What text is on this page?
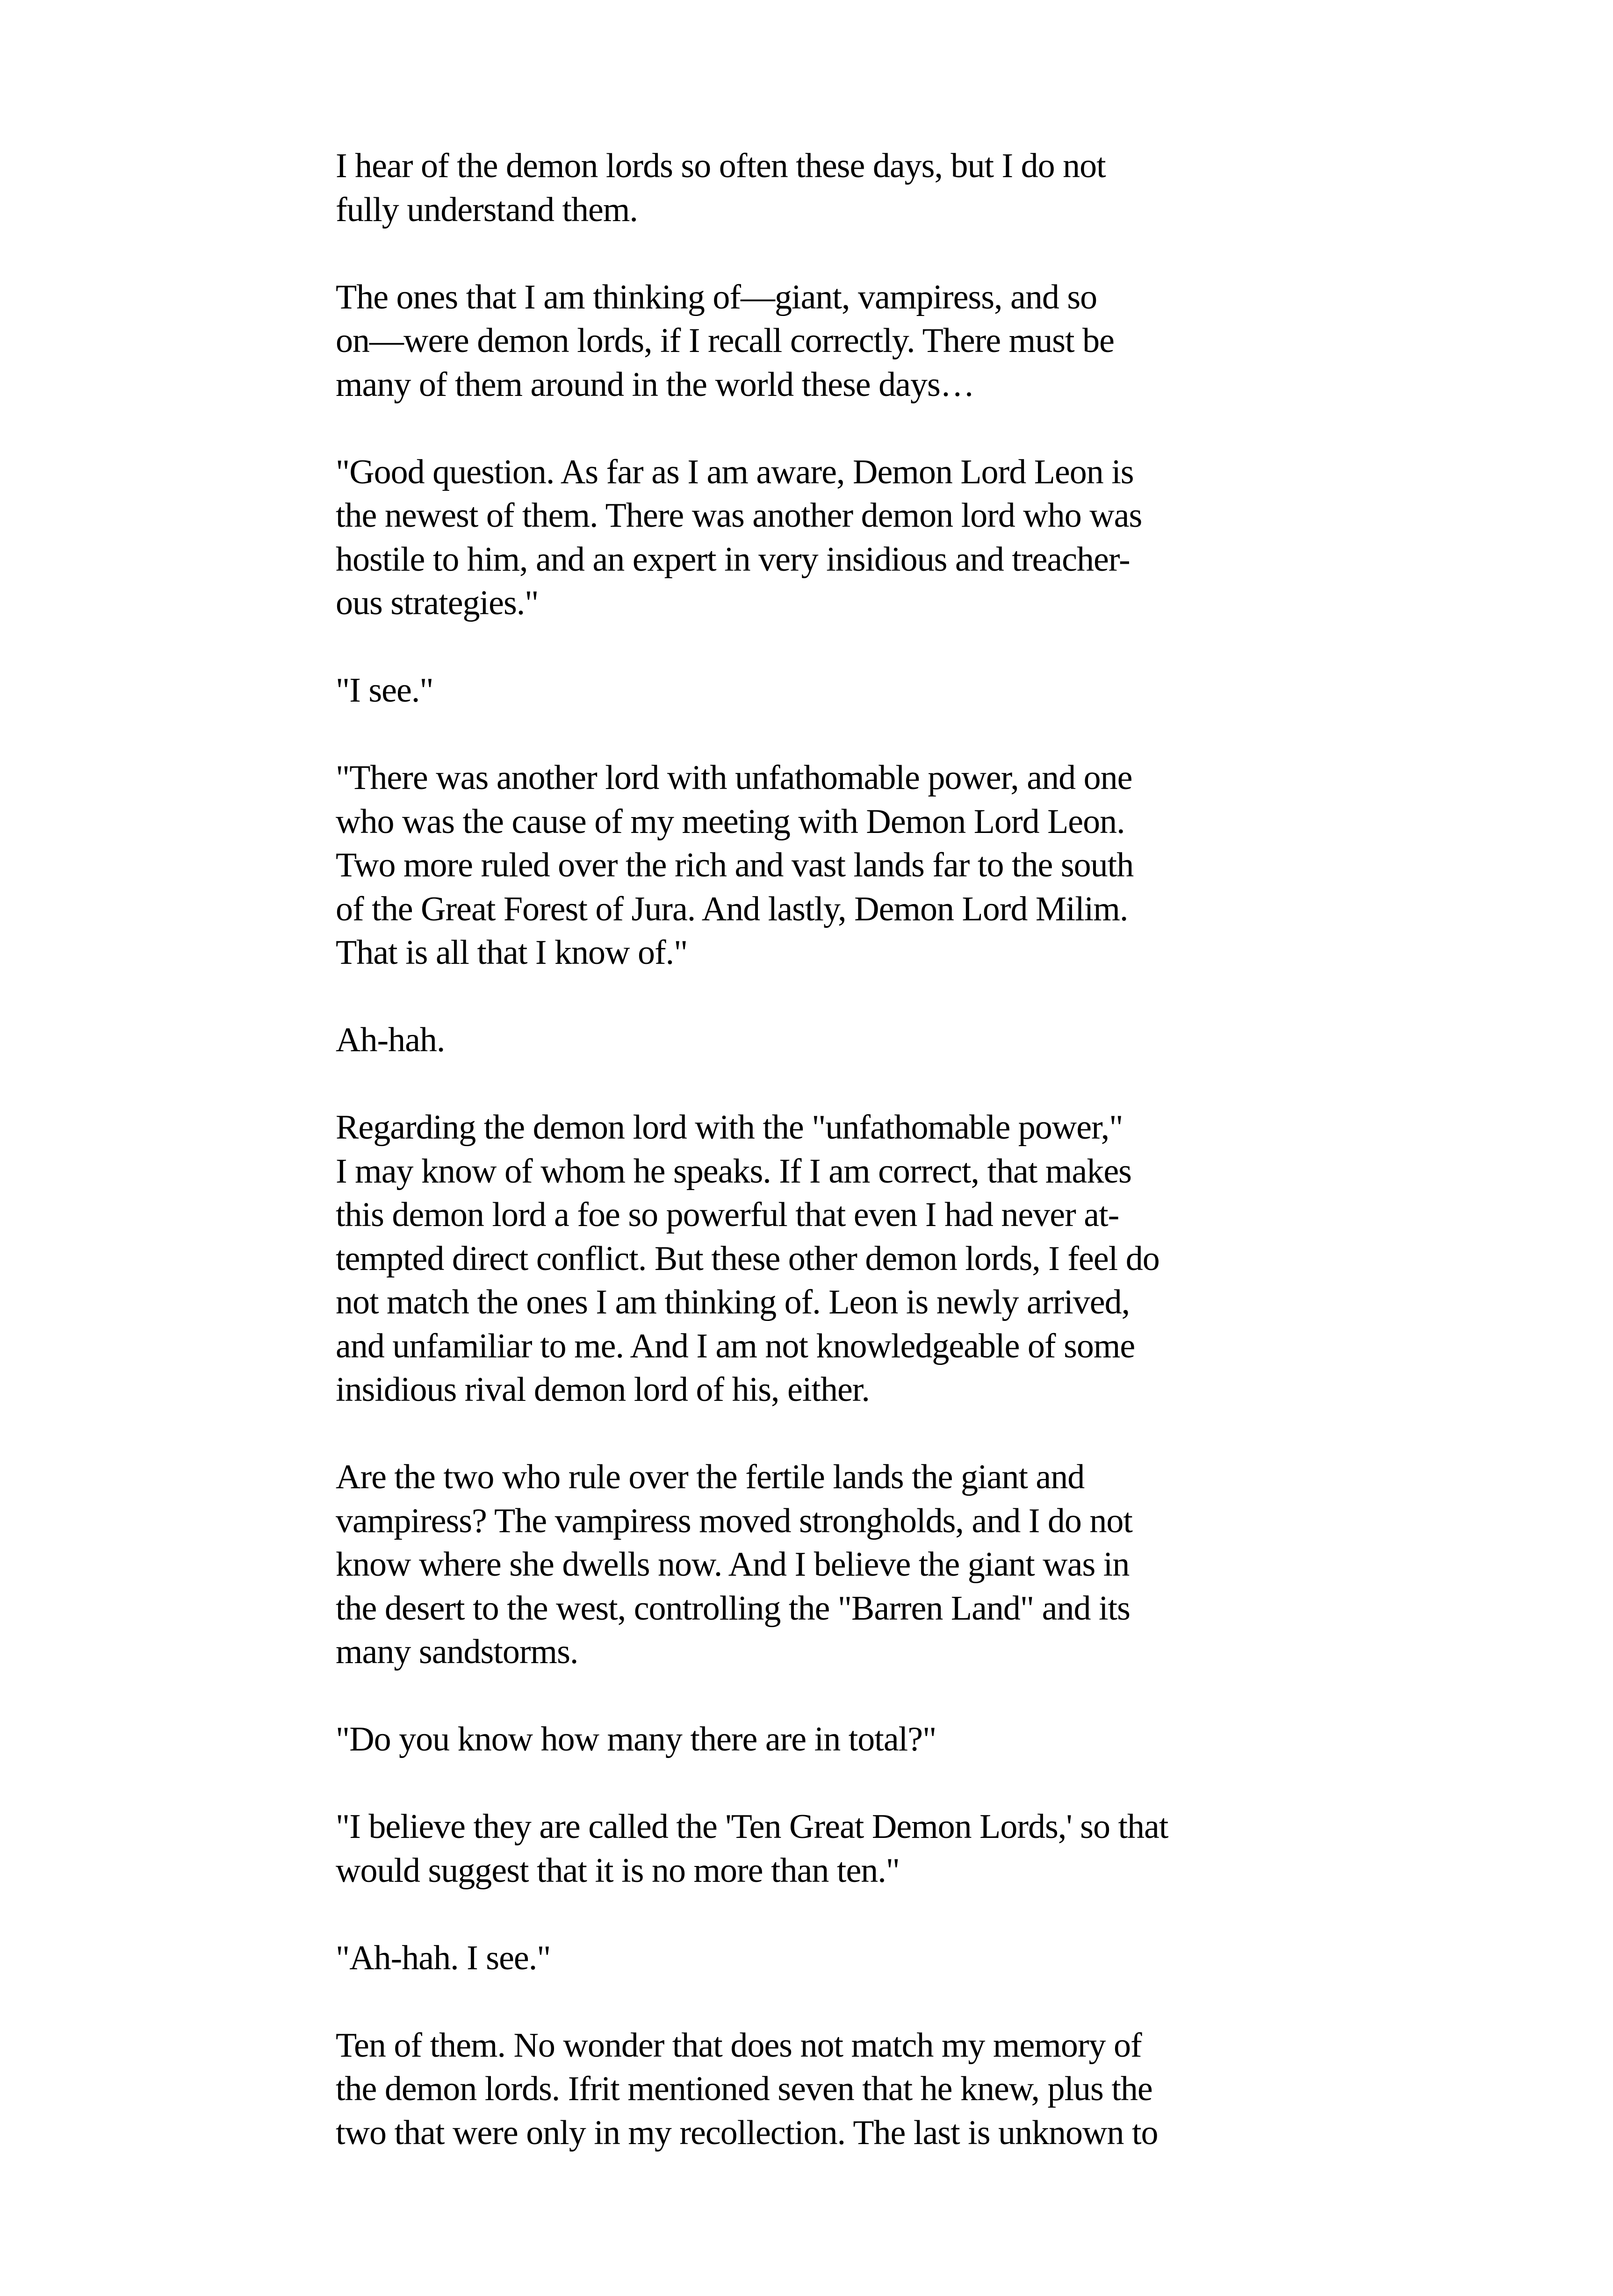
I hear of the demon lords so often these days, but I do not
fully understand them.

The ones that I am thinking of—giant, vampiress, and so
on—were demon lords, if I recall correctly. There must be
many of them around in the world these days…

"Good question. As far as I am aware, Demon Lord Leon is
the newest of them. There was another demon lord who was
hostile to him, and an expert in very insidious and treacher-
ous strategies."

"I see."

"There was another lord with unfathomable power, and one
who was the cause of my meeting with Demon Lord Leon.
Two more ruled over the rich and vast lands far to the south
of the Great Forest of Jura. And lastly, Demon Lord Milim.
That is all that I know of."

Ah-hah.

Regarding the demon lord with the "unfathomable power,"
I may know of whom he speaks. If I am correct, that makes
this demon lord a foe so powerful that even I had never at-
tempted direct conflict. But these other demon lords, I feel do
not match the ones I am thinking of. Leon is newly arrived,
and unfamiliar to me. And I am not knowledgeable of some
insidious rival demon lord of his, either.

Are the two who rule over the fertile lands the giant and
vampiress? The vampiress moved strongholds, and I do not
know where she dwells now. And I believe the giant was in
the desert to the west, controlling the "Barren Land" and its
many sandstorms.

"Do you know how many there are in total?"

"I believe they are called the 'Ten Great Demon Lords,' so that
would suggest that it is no more than ten."

"Ah-hah. I see."

Ten of them. No wonder that does not match my memory of
the demon lords. Ifrit mentioned seven that he knew, plus the
two that were only in my recollection. The last is unknown to
